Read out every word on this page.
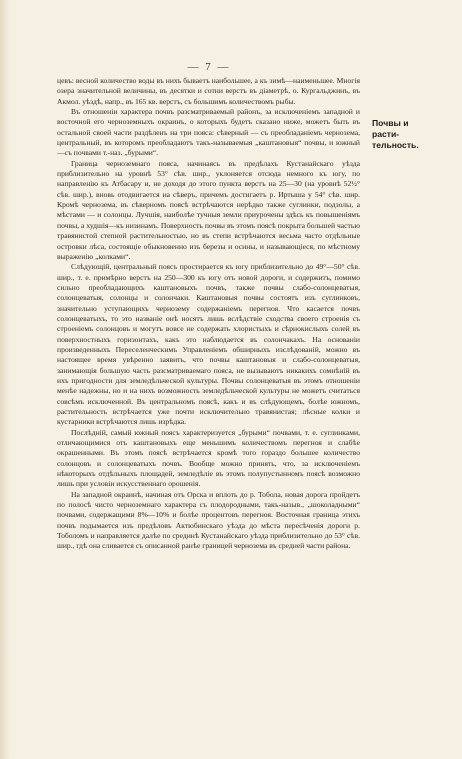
— 7 —
Почвы и
расти-
тельность.

цевъ: весной количество воды въ нихъ бываетъ наибольшее, а къ зимѣ—наименьшее. Многія озера значительной величины, въ десятки и сотни верстъ въ діаметрѣ, о. Кургальджинъ, въ Акмол. уѣздѣ, напр., въ 165 кв. верстъ, съ большимъ количествомъ рыбы.

Въ отношеніи характера почвъ разсматриваемый районъ, за исключеніемъ западной и восточной его черноземныхъ окраинъ, о которыхъ будетъ сказано ниже, можетъ быть въ остальной своей части раздѣленъ на три пояса: сѣверный — съ преобладаніемъ чернозема, центральный, въ которомъ преобладаютъ такъ-называемыя „каштановыя“ почвы, и южный—съ почвами т.-наз. „бурыми“.

Граница черноземнаго пояса, начинаясь въ предѣлахъ Кустанайскаго уѣзда приблизительно на уровнѣ 53° сѣв. шир., уклоняется отсюда немного къ югу, по направленію къ Атбасару и, не доходя до этого пункта верстъ на 25—30 (на уровнѣ 52½° сѣв. шир.), вновь отодвигается на сѣверъ, причемъ достигаетъ р. Иртыша у 54° сѣв. шир. Кромѣ чернозема, въ сѣверномъ поясѣ встрѣчаются нерѣдко также суглинки, подзолы, а мѣстами — и солонцы. Лучшія, наиболѣе тучныя земли приурочены здѣсь къ повышеніямъ почвы, а худшія—къ низинамъ. Поверхность почвы въ этомъ поясѣ покрыта большей частью травянистой степной растительностью, но въ степи встрѣчаются весьма часто отдѣльные островки лѣса, состоящіе обыкновенно изъ березы и осины, и называющіеся, по мѣстному выраженію „колками“.

Слѣдующій, центральный поясъ простирается къ югу приблизительно до 49°—50° сѣв. шир., т. е. примѣрно верстъ на 250—300 къ югу отъ новой дороги, и содержитъ, помимо сильно преобладающихъ каштановыхъ почвъ, также почвы слабо-солонцеватыя, солонцеватыя, солонцы и солончаки. Каштановыя почвы состоятъ изъ суглинковъ, значительно уступающихъ чернозему содержаніемъ перегноя. Что касается почвъ солонцеватыхъ, то это названіе онѣ носятъ лишь вслѣдствіе сходства своего строенія съ строеніемъ солонцовъ и могутъ вовсе не содержать хлористыхъ и сѣрнокислыхъ солей въ поверхностныхъ горизонтахъ, какъ это наблюдается въ солончакахъ. На основаніи произведенныхъ Переселенческимъ Управленіемъ обширныхъ изслѣдованій, можно въ настоящее время увѣренно заявить, что почвы каштановыя и слабо-солонцеватыя, занимающія большую часть разсматриваемаго пояса, не вызываютъ никакихъ сомнѣній въ ихъ пригодности для земледѣльческой культуры. Почвы солонцеватыя въ этомъ отношеніи менѣе надежны, но и на нихъ возможность земледѣльческой культуры не можетъ считаться совсѣмъ исключенной. Въ центральномъ поясѣ, какъ и въ слѣдующемъ, болѣе южномъ, растительность встрѣчается уже почти исключительно травянистая; лѣсные колки и кустарники встрѣчаются лишь изрѣдка.

Послѣдній, самый южный поясъ характеризуется „бурыми“ почвами, т. е. суглинками, отличающимися отъ каштановыхъ еще меньшимъ количествомъ перегноя и слабѣе окрашенными. Въ этомъ поясѣ встрѣчается кромѣ того гораздо большее количество солонцовъ и солонцеватыхъ почвъ. Вообще можно принять, что, за исключеніемъ нѣкоторыхъ отдѣльныхъ площадей, земледѣліе въ этомъ полупустынномъ поясѣ возможно лишь при условіи искусственнаго орошенія.

На западной окраинѣ, начиная отъ Орска и вплоть до р. Тобола, новая дорога пройдетъ по полосѣ чисто черноземнаго характера съ плодородными, такъ-назыв., „шоколадными“ почвами, содержащими 8%—10% и болѣе процентовъ перегноя. Восточная граница этихъ почвъ подымается изъ предѣловъ Актюбинскаго уѣзда до мѣста пересѣченія дороги р. Тоболомъ и направляется далѣе по срединѣ Кустанайскаго уѣзда приблизительно до 53° сѣв. шир., гдѣ она сливается съ описанной ранѣе границей чернозема въ средней части района.
